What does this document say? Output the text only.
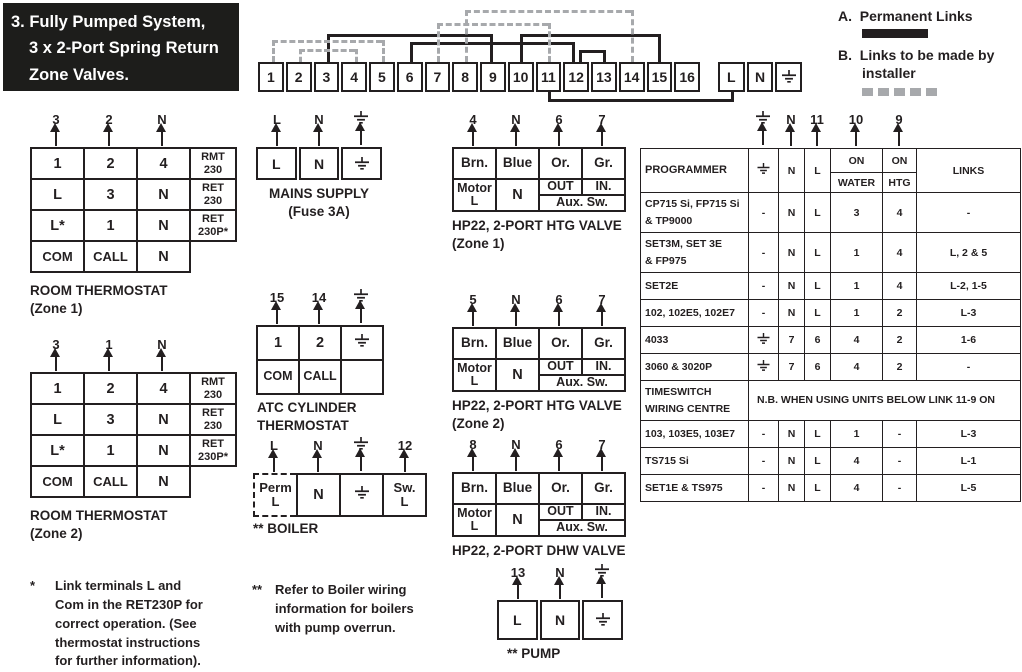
3. Fully Pumped System,
3 x 2-Port Spring Return
Zone Valves.	1	2	3	4	5	6	7	8	9	10 11 12 13 14 15 16	L	N
A. Permanent Links
B. Links to be made by
installer
3	2	N
1	2	4	RMT
230

L	3	N	RET
230

L*	1	N	RET
230P*

COM	CALL	N	
ROOM THERMOSTAT
(Zone 1)
3	1	N
1	2	4	RMT
230

L	3	N	RET
230

L*	1	N	RET
230P*

COM	CALL	N	
ROOM THERMOSTAT
(Zone 2)
L	N
L	N
MAINS SUPPLY
(Fuse 3A)
15 14
1	2	
COM	CALL	
ATC CYLINDER
THERMOSTAT
L	N	12
Perm
L	N		Sw.
L
** BOILER
4	N	6	7
Brn.	Blue	Or.	Gr.

Motor
L	N	OUT	IN.
		Aux. Sw.	
HP22, 2-PORT HTG VALVE
(Zone 1)
5	N	6	7
Brn.	Blue	Or.	Gr.

Motor
L	N	OUT	IN.
		Aux. Sw.	
HP22, 2-PORT HTG VALVE
(Zone 2)
8	N	6	7
Brn.	Blue	Or.	Gr.

Motor
L	N	OUT	IN.
		Aux. Sw.	
HP22, 2-PORT DHW VALVE
13 N
L	N
** PUMP
N 11 10 9
PROGRAMMER		N	L	ON	ON	LINKS
				WATER	HTG	

CP715 Si, FP715 Si
& TP9000	-	N	L	3	4	-

SET3M, SET 3E
& FP975	-	N	L	1	4	L, 2 & 5

SET2E	-	N	L	1	4	L-2, 1-5

102, 102E5, 102E7	-	N	L	1	2	L-3

4033		7	6	4	2	1-6

3060 & 3020P		7	6	4	2	-

TIMESWITCH
WIRING CENTRE	N.B. WHEN USING UNITS BELOW LINK 11-9 ON					

103, 103E5, 103E7	-	N	L	1	-	L-3

TS715 Si	-	N	L	4	-	L-1

SET1E & TS975	-	N	L	4	-	L-5
*	Link terminals L and
Com in the RET230P for
correct operation. (See
thermostat instructions
for further information).
** Refer to Boiler wiring
information for boilers
with pump overrun.
